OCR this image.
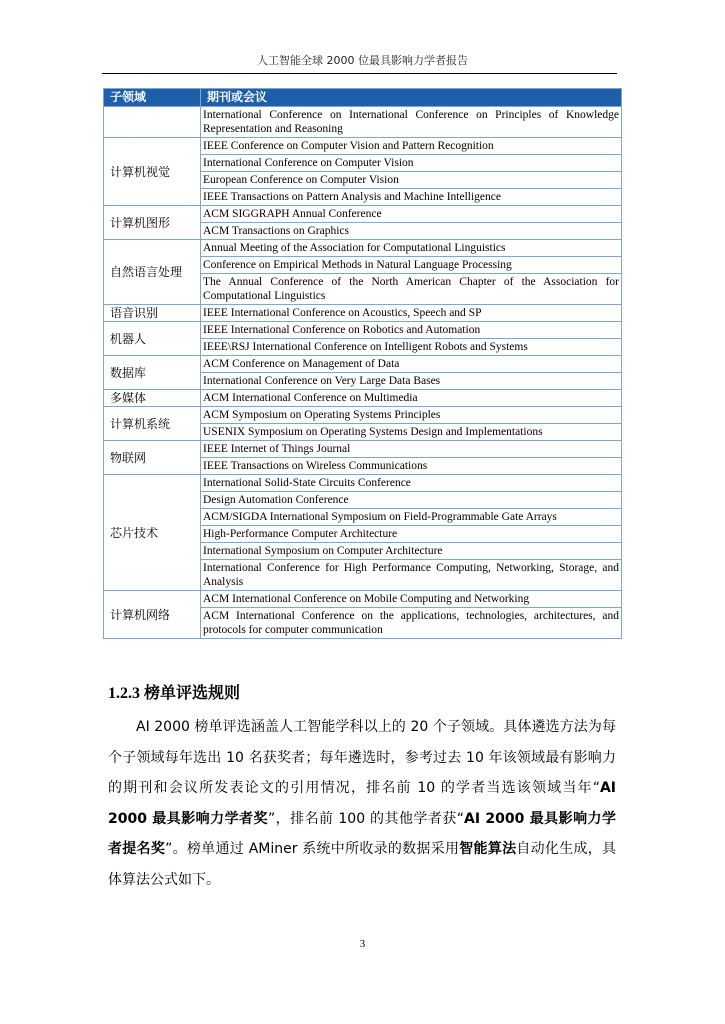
人工智能全球 2000 位最具影响力学者报告
子领域	期刊或会议
	International Conference on International Conference on Principles of Knowledge Representation and Reasoning
计算机视觉	IEEE Conference on Computer Vision and Pattern Recognition
	International Conference on Computer Vision
	European Conference on Computer Vision
	IEEE Transactions on Pattern Analysis and Machine Intelligence
计算机图形	ACM SIGGRAPH Annual Conference
	ACM Transactions on Graphics
自然语言处理	Annual Meeting of the Association for Computational Linguistics
	Conference on Empirical Methods in Natural Language Processing
	The Annual Conference of the North American Chapter of the Association for Computational Linguistics
语音识别	IEEE International Conference on Acoustics, Speech and SP
机器人	IEEE International Conference on Robotics and Automation
	IEEE\RSJ International Conference on Intelligent Robots and Systems
数据库	ACM Conference on Management of Data
	International Conference on Very Large Data Bases
多媒体	ACM International Conference on Multimedia
计算机系统	ACM Symposium on Operating Systems Principles
	USENIX Symposium on Operating Systems Design and Implementations
物联网	IEEE Internet of Things Journal
	IEEE Transactions on Wireless Communications
芯片技术	International Solid-State Circuits Conference
	Design Automation Conference
	ACM/SIGDA International Symposium on Field-Programmable Gate Arrays
	High-Performance Computer Architecture
	International Symposium on Computer Architecture
	International Conference for High Performance Computing, Networking, Storage, and Analysis
计算机网络	ACM International Conference on Mobile Computing and Networking
	ACM International Conference on the applications, technologies, architectures, and protocols for computer communication
1.2.3 榜单评选规则
AI 2000 榜单评选涵盖人工智能学科以上的 20 个子领域。具体遴选方法为每个子领域每年选出 10 名获奖者；每年遴选时，参考过去 10 年该领域最有影响力的期刊和会议所发表论文的引用情况，排名前 10 的学者当选该领域当年“AI 2000 最具影响力学者奖”，排名前 100 的其他学者获“AI 2000 最具影响力学者提名奖”。榜单通过 AMiner 系统中所收录的数据采用智能算法自动化生成，具体算法公式如下。
3
